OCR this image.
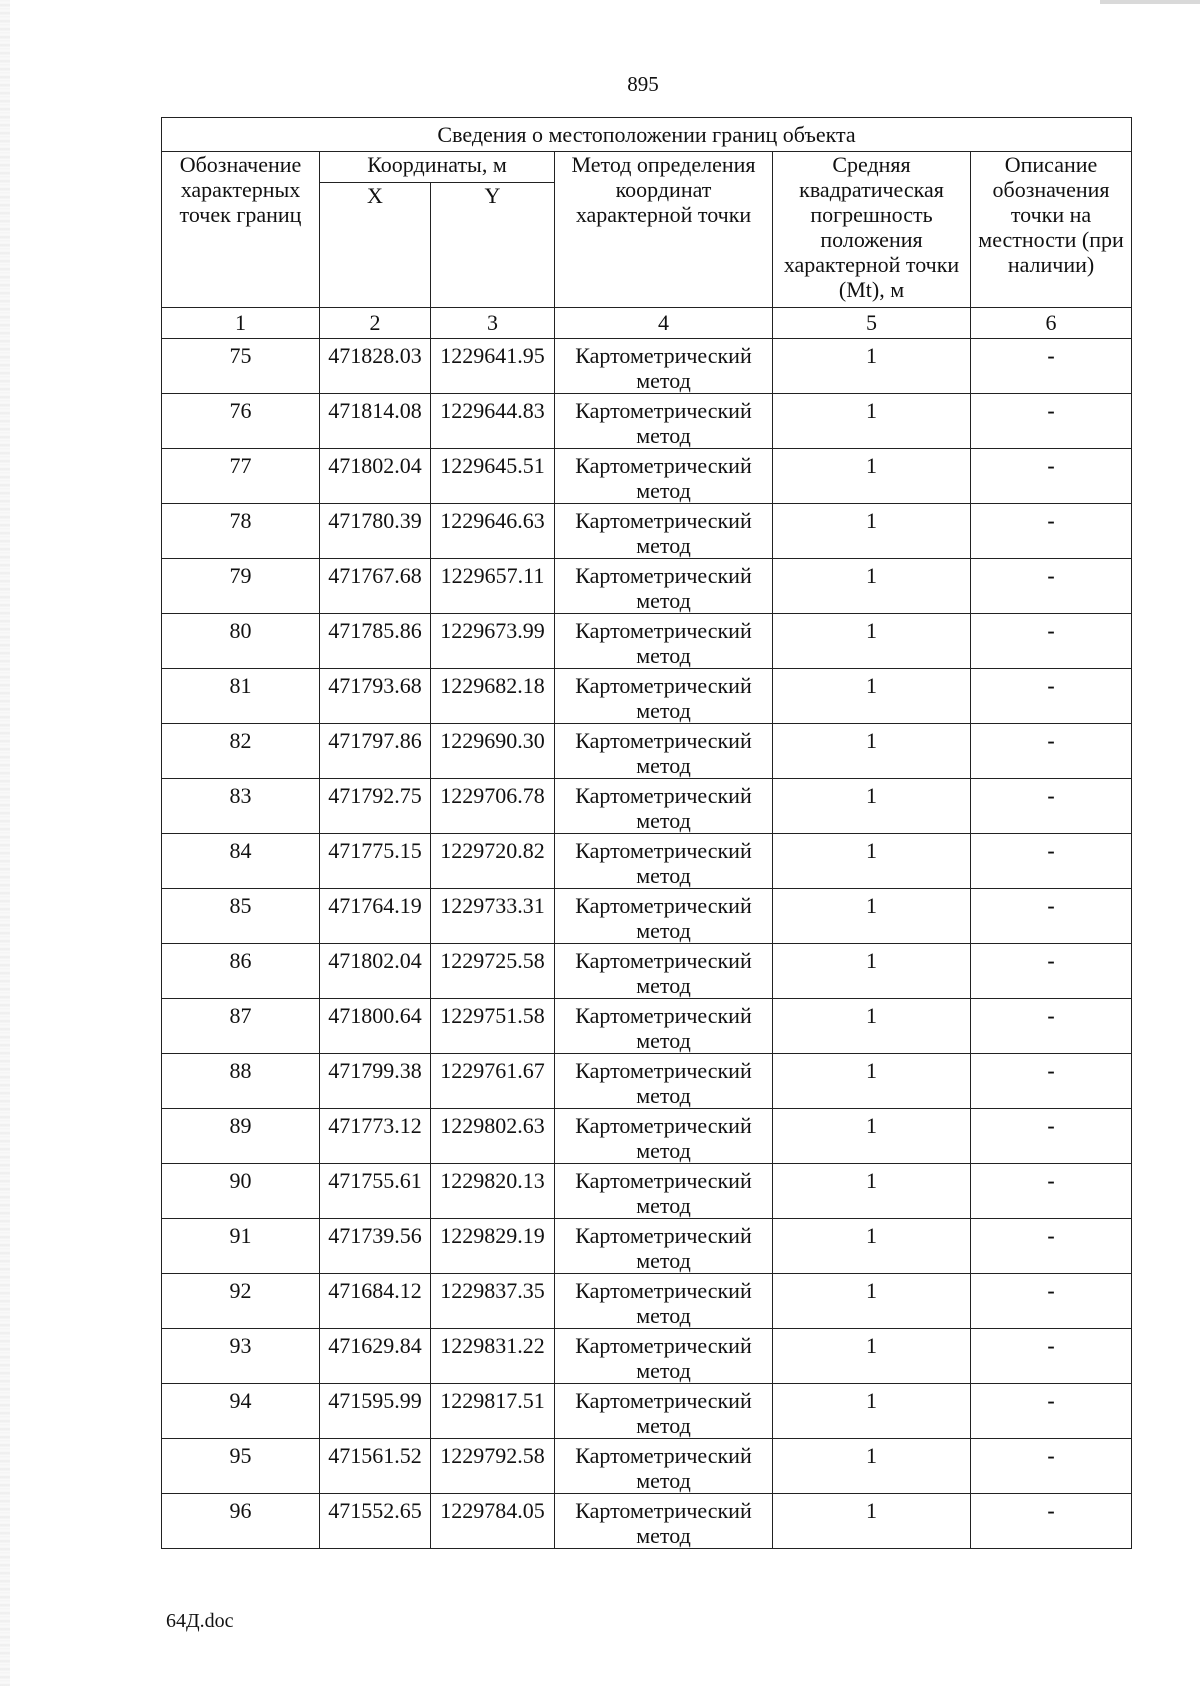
895
Сведения о местоположении границ объекта					
Обозначение характерных точек границ	Координаты, м		Метод определения координат характерной точки	Средняя квадратическая погрешность положения характерной точки (Mt), м	Описание обозначения точки на местности (при наличии)
	X	Y			
1	2	3	4	5	6
75	471828.03	1229641.95	Картометрический метод	1	-
76	471814.08	1229644.83	Картометрический метод	1	-
77	471802.04	1229645.51	Картометрический метод	1	-
78	471780.39	1229646.63	Картометрический метод	1	-
79	471767.68	1229657.11	Картометрический метод	1	-
80	471785.86	1229673.99	Картометрический метод	1	-
81	471793.68	1229682.18	Картометрический метод	1	-
82	471797.86	1229690.30	Картометрический метод	1	-
83	471792.75	1229706.78	Картометрический метод	1	-
84	471775.15	1229720.82	Картометрический метод	1	-
85	471764.19	1229733.31	Картометрический метод	1	-
86	471802.04	1229725.58	Картометрический метод	1	-
87	471800.64	1229751.58	Картометрический метод	1	-
88	471799.38	1229761.67	Картометрический метод	1	-
89	471773.12	1229802.63	Картометрический метод	1	-
90	471755.61	1229820.13	Картометрический метод	1	-
91	471739.56	1229829.19	Картометрический метод	1	-
92	471684.12	1229837.35	Картометрический метод	1	-
93	471629.84	1229831.22	Картометрический метод	1	-
94	471595.99	1229817.51	Картометрический метод	1	-
95	471561.52	1229792.58	Картометрический метод	1	-
96	471552.65	1229784.05	Картометрический метод	1	-
64Д.doc
